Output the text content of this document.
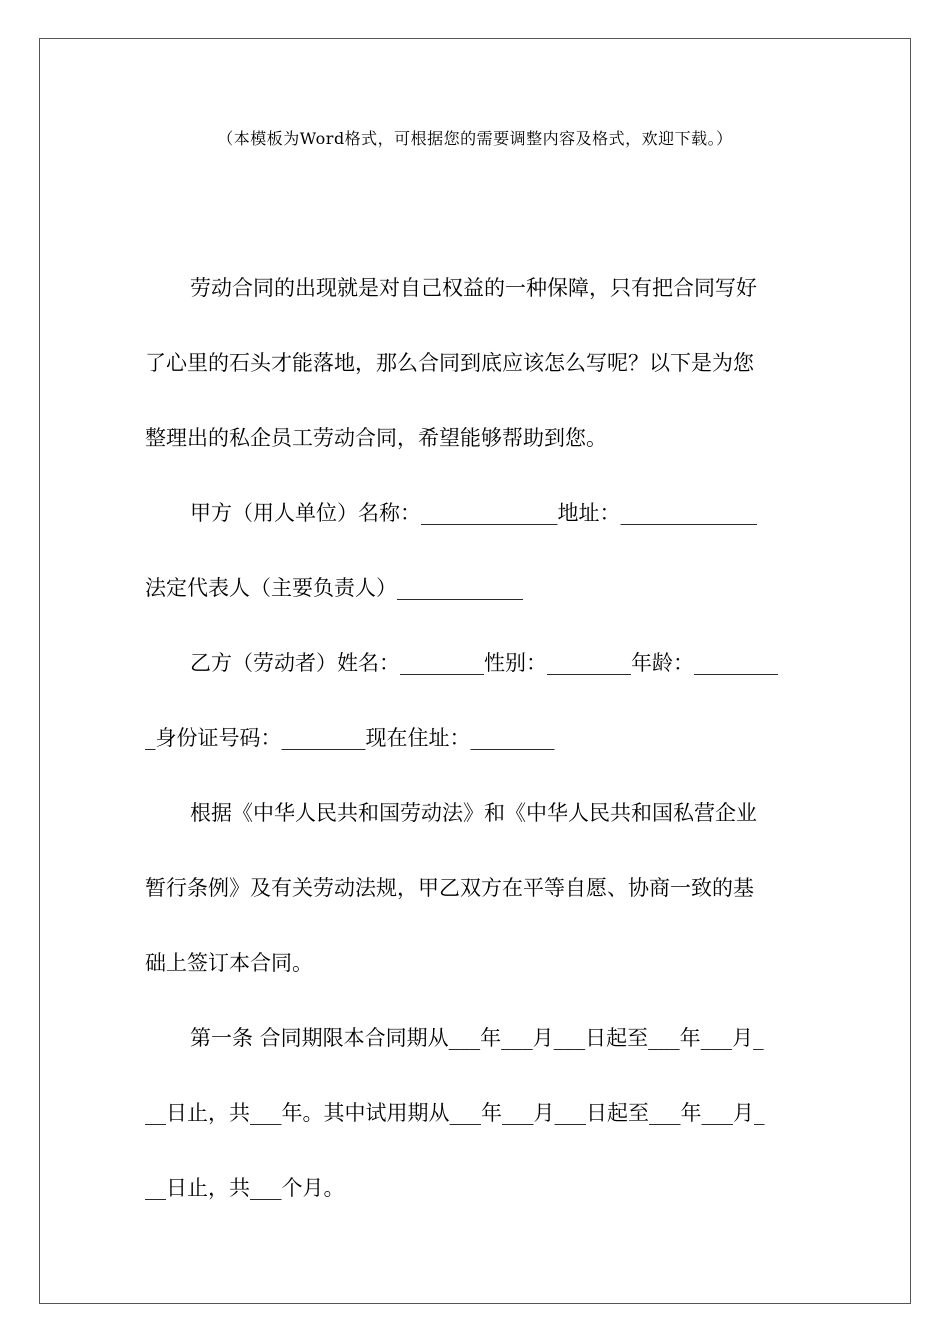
（本模板为Word格式，可根据您的需要调整内容及格式，欢迎下载。）
劳动合同的出现就是对自己权益的一种保障，只有把合同写好
了心里的石头才能落地，那么合同到底应该怎么写呢？以下是为您
整理出的私企员工劳动合同，希望能够帮助到您。
甲方（用人单位）名称：_____________地址：_____________
法定代表人（主要负责人）____________
乙方（劳动者）姓名：________性别：________年龄：________
_身份证号码：________现在住址：________
根据《中华人民共和国劳动法》和《中华人民共和国私营企业
暂行条例》及有关劳动法规，甲乙双方在平等自愿、协商一致的基
础上签订本合同。
第一条 合同期限本合同期从___年___月___日起至___年___月_
__日止，共___年。其中试用期从___年___月___日起至___年___月_
__日止，共___个月。
